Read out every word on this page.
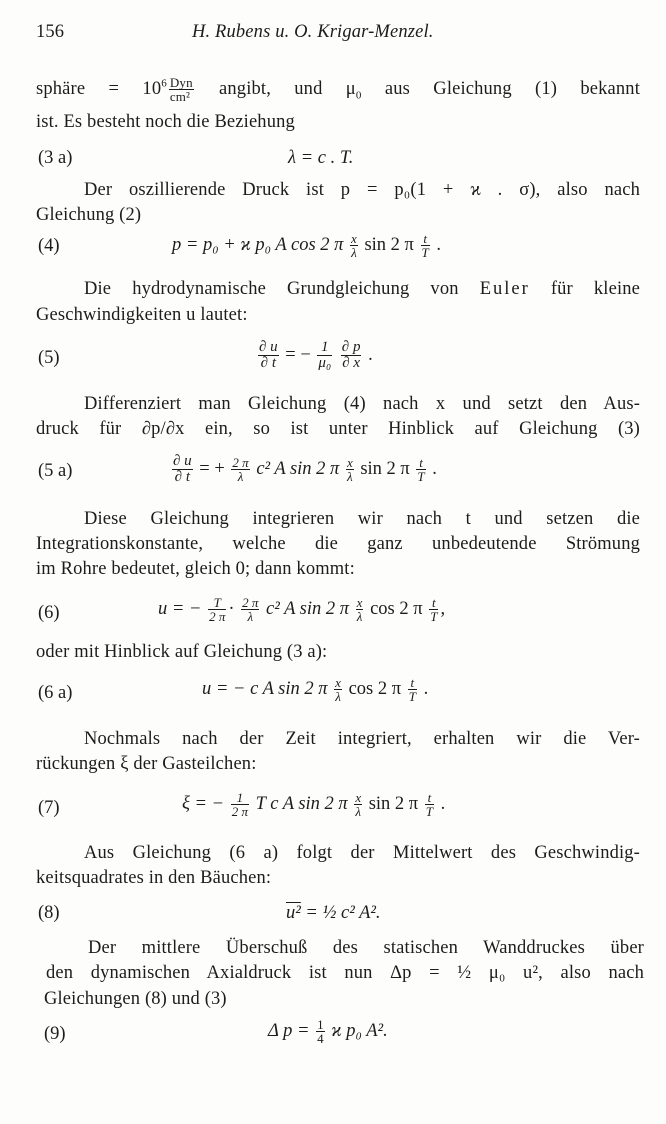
156	H. Rubens u. O. Krigar-Menzel.
sphäre = $10^6 \frac{\text{Dyn}}{\text{cm²}}$ angibt, und $\mu_0$ aus Gleichung (1) bekannt
ist. Es besteht noch die Beziehung
(3 a)	λ = c . T.
Der oszillierende Druck ist p = p₀(1 + ϰ . σ), also nach
Gleichung (2)
(4)	p = p₀ + ϰ p₀ A cos 2 π $\frac{x}{\lambda}$ sin 2 π $\frac{t}{T}$ .
Die hydrodynamische Grundgleichung von Euler für kleine
Geschwindigkeiten u lautet:
(5)	$\frac{\partial u}{\partial t}$ = − $\frac{1}{\text{μ₀}}$
$\frac{\partial p}{\partial x}$ .
Differenziert man Gleichung (4) nach x und setzt den Aus-
druck für ∂p/∂x ein, so ist unter Hinblick auf Gleichung (3)
(5 a)	$\frac{\partial u}{\partial t}$ = + $\frac{2 \pi}{\lambda} c^2$ A sin 2 π $\frac{x}{\lambda}$ sin 2 π $\frac{t}{T}$ .
Diese Gleichung integrieren wir nach t und setzen die
Integrationskonstante, welche die ganz unbedeutende Strömung
im Rohre bedeutet, gleich 0; dann kommt:
(6)	u = − $\frac{T}{2 \pi} \cdot \frac{2 \pi}{\lambda} c^2$ A sin 2 π $\frac{x}{\lambda}$ cos 2 π $\frac{t}{T}$ ,
oder mit Hinblick auf Gleichung (3 a):
(6 a)	u = − c A sin 2 π $\frac{x}{\lambda}$ cos 2 π $\frac{t}{T}$ .
Nochmals nach der Zeit integriert, erhalten wir die Ver-
rückungen ξ der Gasteilchen:
(7)	ξ = − $\frac{1}{2 \pi}$ T c A sin 2 π $\frac{x}{\lambda}$ sin 2 π $\frac{t}{T}$ .
Aus Gleichung (6 a) folgt der Mittelwert des Geschwindig-
keitsquadrates in den Bäuchen:
(8)	u² = ½ c² A².
Der mittlere Überschuß des statischen Wanddruckes über
den dynamischen Axialdruck ist nun Δp = ½ μ₀ u², also nach
Gleichungen (8) und (3)
(9)	Δ $p = \frac{1}{4}$ ϰ p₀ A².
